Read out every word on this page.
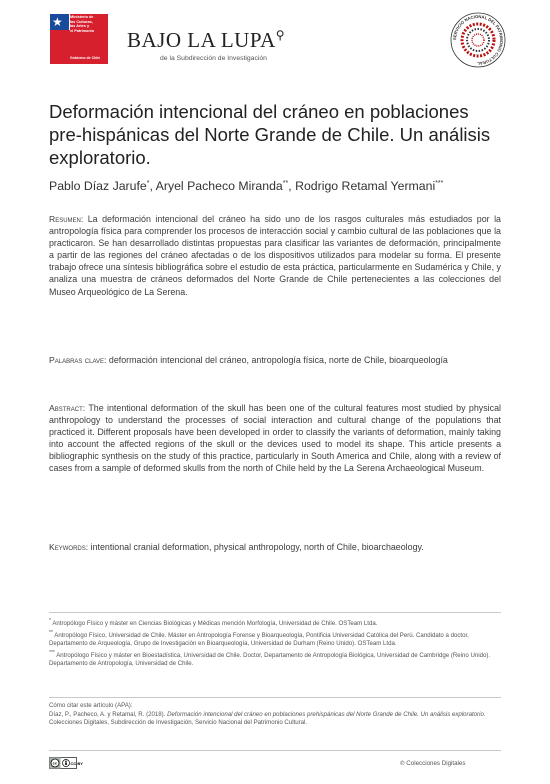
★ Ministerio de
las Culturas,
las Artes y
el Patrimonio
Gobierno de Chile
BAJO LA LUPA⚲
de la Subdirección de Investigación
SERVICIO NACIONAL DEL PATRIMONIO CULTURAL
Deformación intencional del cráneo en poblaciones pre-hispánicas del Norte Grande de Chile. Un análisis exploratorio.
Pablo Díaz Jarufe*, Aryel Pacheco Miranda**, Rodrigo Retamal Yermani***
Resumen: La deformación intencional del cráneo ha sido uno de los rasgos culturales más estudiados por la antropología física para comprender los procesos de interacción social y cambio cultural de las poblaciones que la practicaron. Se han desarrollado distintas propuestas para clasificar las variantes de deformación, principalmente a partir de las regiones del cráneo afectadas o de los dispositivos utilizados para modelar su forma. El presente trabajo ofrece una síntesis bibliográfica sobre el estudio de esta práctica, particularmente en Sudamérica y Chile, y analiza una muestra de cráneos deformados del Norte Grande de Chile pertenecientes a las colecciones del Museo Arqueológico de La Serena.
Palabras clave: deformación intencional del cráneo, antropología física, norte de Chile, bioarqueología
Abstract: The intentional deformation of the skull has been one of the cultural features most studied by physical anthropology to understand the processes of social interaction and cultural change of the populations that practiced it. Different proposals have been developed in order to classify the variants of deformation, mainly taking into account the affected regions of the skull or the devices used to model its shape. This article presents a bibliographic synthesis on the study of this practice, particularly in South America and Chile, along with a review of cases from a sample of deformed skulls from the north of Chile held by the La Serena Archaeological Museum.
Keywords: intentional cranial deformation, physical anthropology, north of Chile, bioarchaeology.
* Antropólogo Físico y máster en Ciencias Biológicas y Médicas mención Morfología, Universidad de Chile. OSTeam Ltda.
** Antropólogo Físico, Universidad de Chile. Máster en Antropología Forense y Bioarqueología, Pontificia Universidad Católica del Perú. Candidato a doctor, Departamento de Arqueología, Grupo de Investigación en Bioarqueología, Universidad de Durham (Reino Unido). OSTeam Ltda.
*** Antropólogo Físico y máster en Bioestadística, Universidad de Chile. Doctor, Departamento de Antropología Biológica, Universidad de Cambridge (Reino Unido). Departamento de Antropología, Universidad de Chile.
Cómo citar este artículo (APA):
Díaz, P., Pacheco, A. y Retamal, R. (2018). Deformación intencional del cráneo en poblaciones prehispánicas del Norte Grande de Chile. Un análisis exploratorio. Colecciones Digitales, Subdirección de Investigación, Servicio Nacional del Patrimonio Cultural.
cc	CC BY	℗ Colecciones Digitales
